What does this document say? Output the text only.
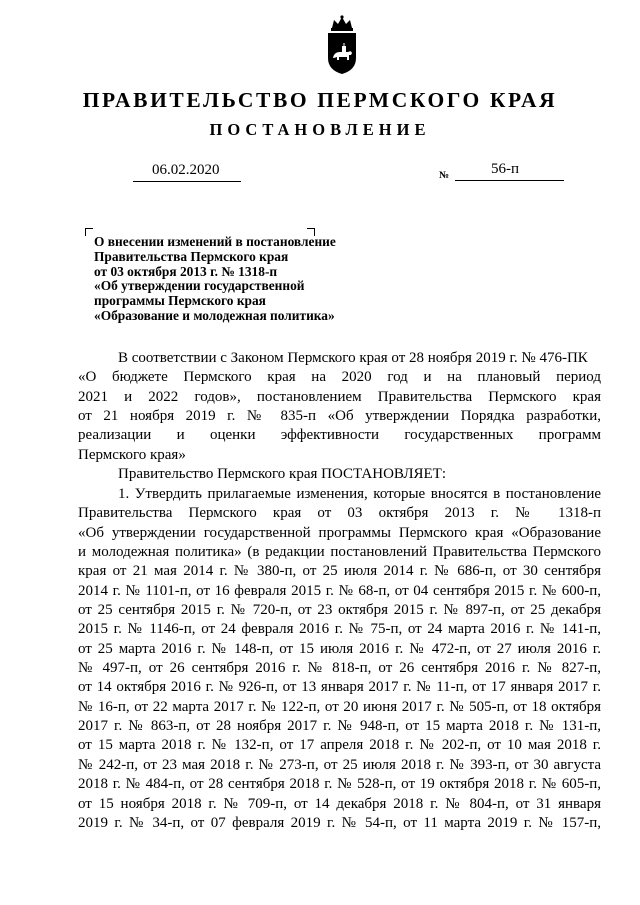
ПРАВИТЕЛЬСТВО ПЕРМСКОГО КРАЯ
ПОСТАНОВЛЕНИЕ
06.02.2020	№	56-п
О внесении изменений в постановление
Правительства Пермского края
от 03 октября 2013 г. № 1318-п
«Об утверждении государственной
программы Пермского края
«Образование и молодежная политика»
В соответствии с Законом Пермского края от 28 ноября 2019 г. № 476-ПК
«О бюджете Пермского края на 2020 год и на плановый период
2021 и 2022 годов», постановлением Правительства Пермского края
от 21 ноября 2019 г. № 835-п «Об утверждении Порядка разработки,
реализации и оценки эффективности государственных программ
Пермского края»
Правительство Пермского края ПОСТАНОВЛЯЕТ:
1. Утвердить прилагаемые изменения, которые вносятся в постановление
Правительства Пермского края от 03 октября 2013 г. № 1318-п
«Об утверждении государственной программы Пермского края «Образование
и молодежная политика» (в редакции постановлений Правительства Пермского
края от 21 мая 2014 г. № 380-п, от 25 июля 2014 г. № 686-п, от 30 сентября
2014 г. № 1101-п, от 16 февраля 2015 г. № 68-п, от 04 сентября 2015 г. № 600-п,
от 25 сентября 2015 г. № 720-п, от 23 октября 2015 г. № 897-п, от 25 декабря
2015 г. № 1146-п, от 24 февраля 2016 г. № 75-п, от 24 марта 2016 г. № 141-п,
от 25 марта 2016 г. № 148-п, от 15 июля 2016 г. № 472-п, от 27 июля 2016 г.
№ 497-п, от 26 сентября 2016 г. № 818-п, от 26 сентября 2016 г. № 827-п,
от 14 октября 2016 г. № 926-п, от 13 января 2017 г. № 11-п, от 17 января 2017 г.
№ 16-п, от 22 марта 2017 г. № 122-п, от 20 июня 2017 г. № 505-п, от 18 октября
2017 г. № 863-п, от 28 ноября 2017 г. № 948-п, от 15 марта 2018 г. № 131-п,
от 15 марта 2018 г. № 132-п, от 17 апреля 2018 г. № 202-п, от 10 мая 2018 г.
№ 242-п, от 23 мая 2018 г. № 273-п, от 25 июля 2018 г. № 393-п, от 30 августа
2018 г. № 484-п, от 28 сентября 2018 г. № 528-п, от 19 октября 2018 г. № 605-п,
от 15 ноября 2018 г. № 709-п, от 14 декабря 2018 г. № 804-п, от 31 января
2019 г. № 34-п, от 07 февраля 2019 г. № 54-п, от 11 марта 2019 г. № 157-п,
